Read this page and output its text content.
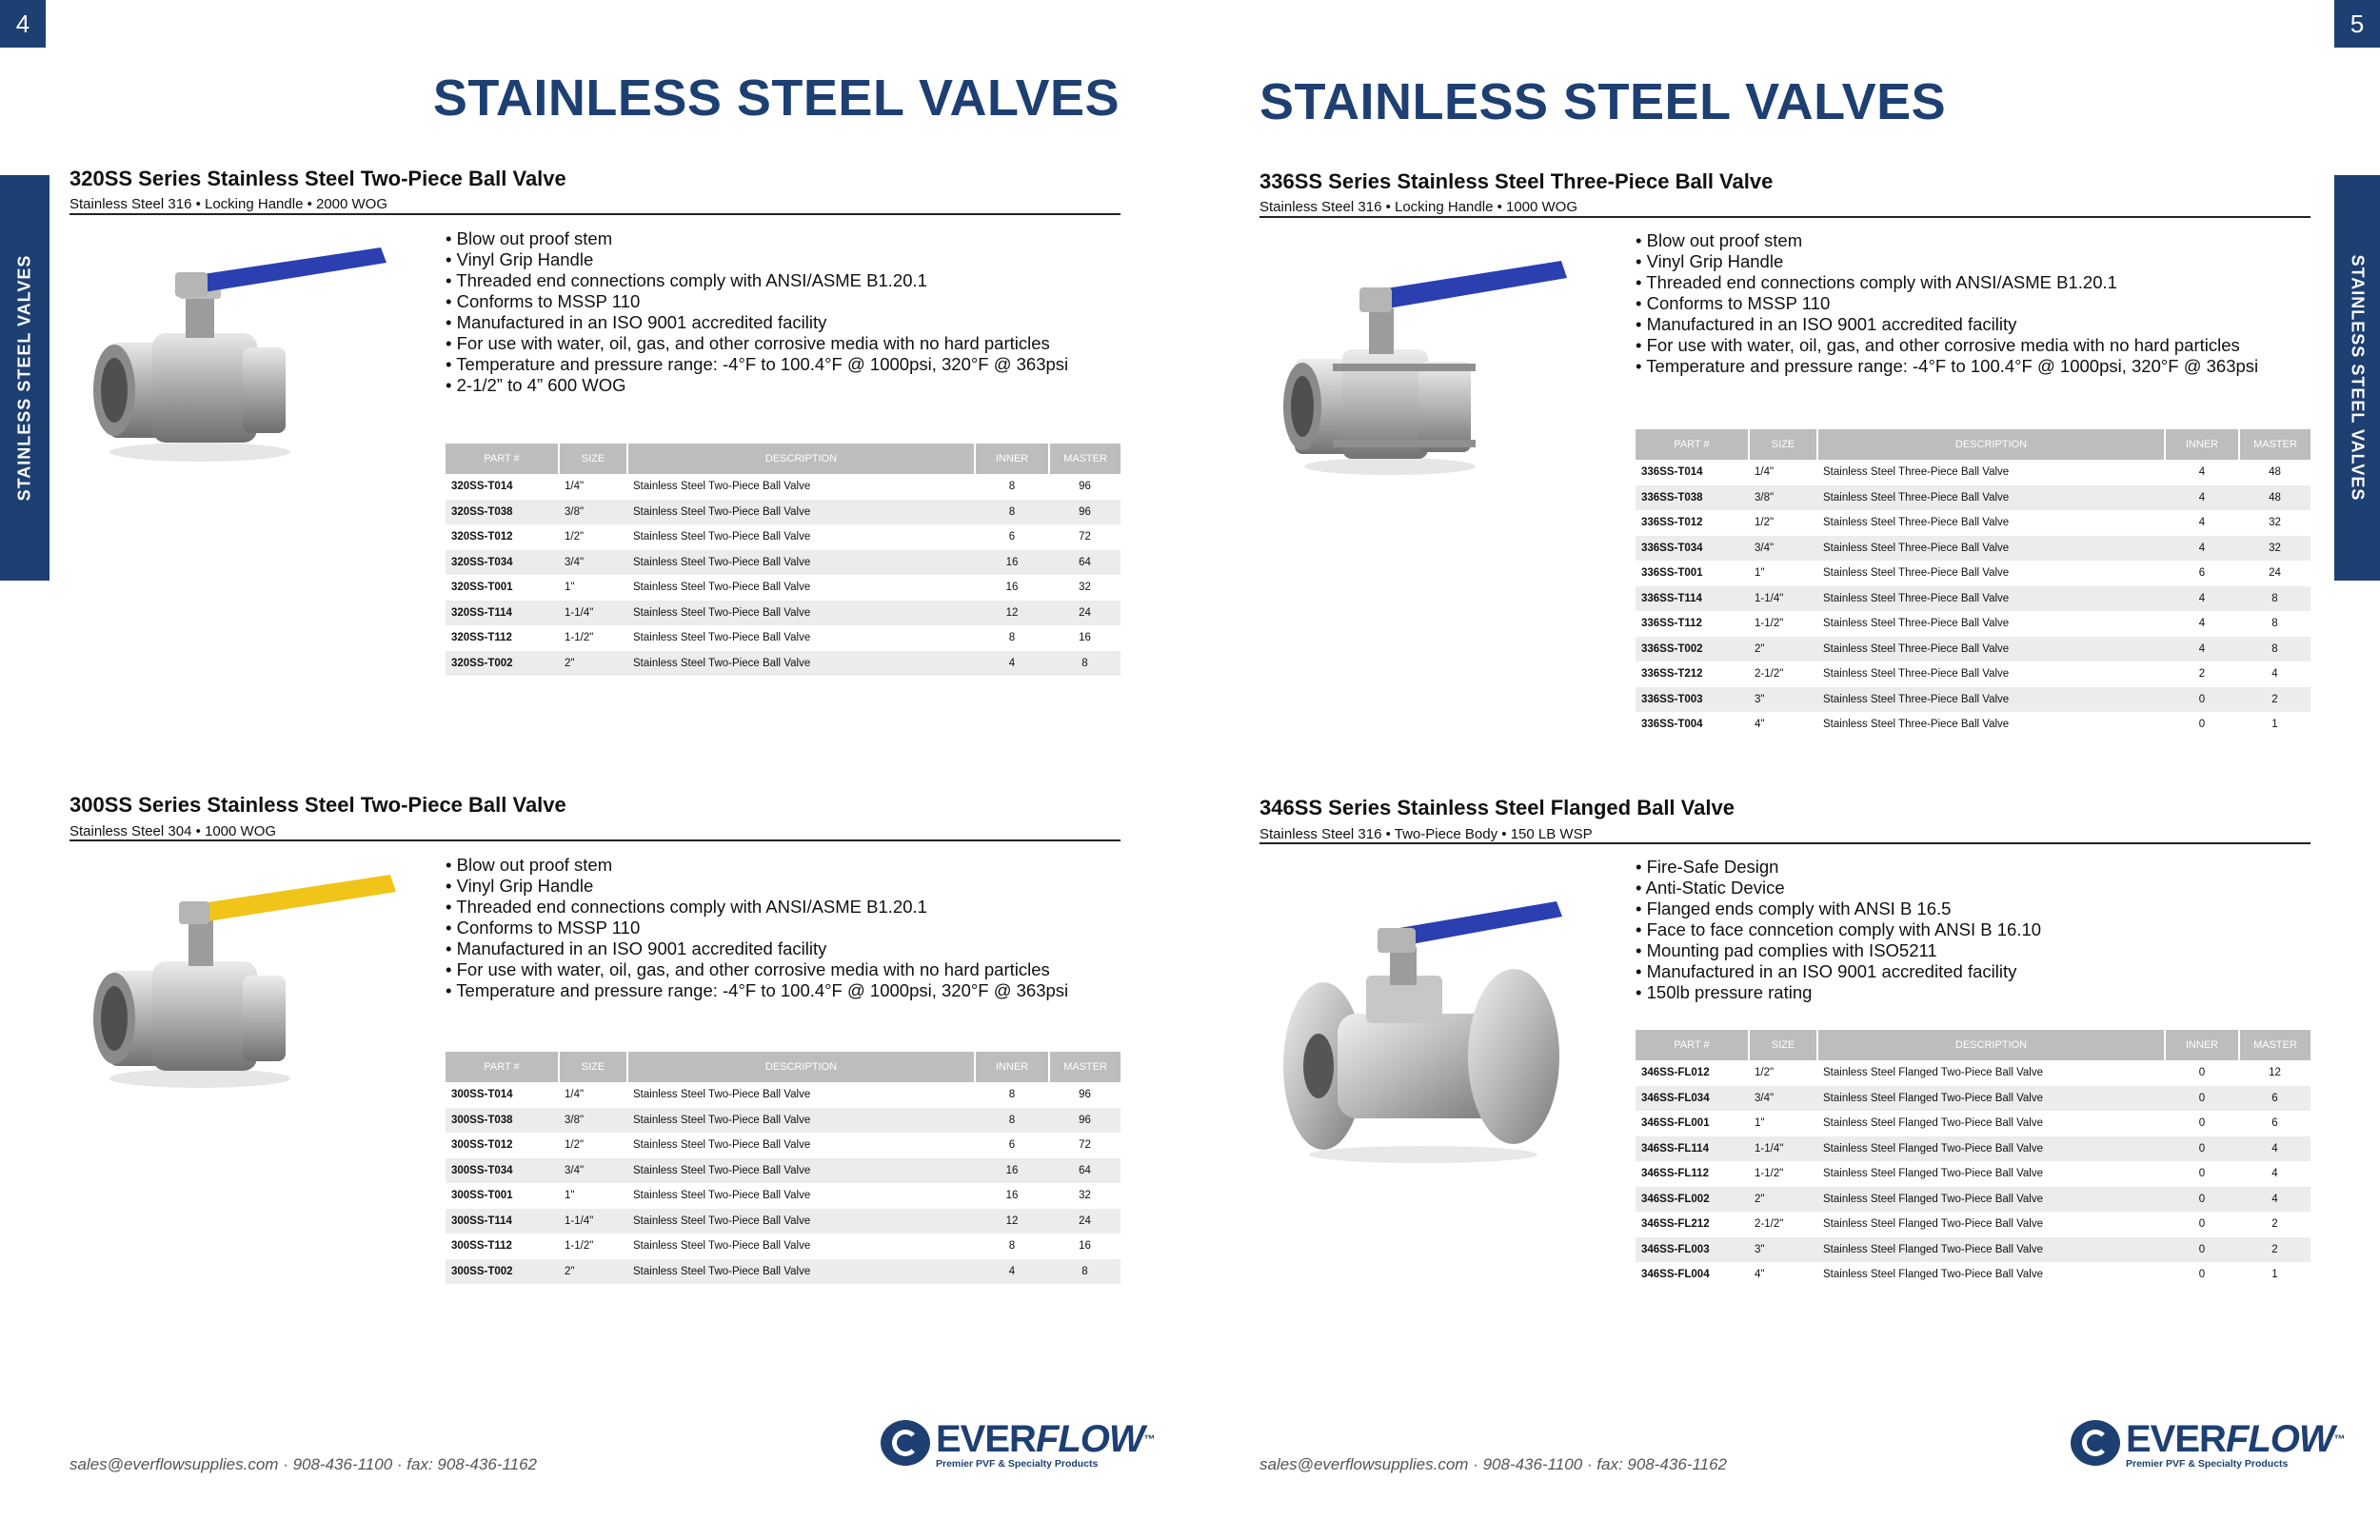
4
STAINLESS STEEL VALVES
STAINLESS STEEL VALVES
320SS Series Stainless Steel Two-Piece Ball Valve
Stainless Steel 316 • Locking Handle • 2000 WOG
• Blow out proof stem
• Vinyl Grip Handle
• Threaded end connections comply with ANSI/ASME B1.20.1
• Conforms to MSSP 110
• Manufactured in an ISO 9001 accredited facility
• For use with water, oil, gas, and other corrosive media with no hard particles
• Temperature and pressure range: -4°F to 100.4°F @ 1000psi, 320°F @ 363psi
• 2-1/2” to 4” 600 WOG
PART #	SIZE	DESCRIPTION	INNER	MASTER
320SS-T014	1/4"	Stainless Steel Two-Piece Ball Valve	8	96
320SS-T038	3/8"	Stainless Steel Two-Piece Ball Valve	8	96
320SS-T012	1/2"	Stainless Steel Two-Piece Ball Valve	6	72
320SS-T034	3/4"	Stainless Steel Two-Piece Ball Valve	16	64
320SS-T001	1"	Stainless Steel Two-Piece Ball Valve	16	32
320SS-T114	1-1/4"	Stainless Steel Two-Piece Ball Valve	12	24
320SS-T112	1-1/2"	Stainless Steel Two-Piece Ball Valve	8	16
320SS-T002	2"	Stainless Steel Two-Piece Ball Valve	4	8
300SS Series Stainless Steel Two-Piece Ball Valve
Stainless Steel 304 • 1000 WOG
• Blow out proof stem
• Vinyl Grip Handle
• Threaded end connections comply with ANSI/ASME B1.20.1
• Conforms to MSSP 110
• Manufactured in an ISO 9001 accredited facility
• For use with water, oil, gas, and other corrosive media with no hard particles
• Temperature and pressure range: -4°F to 100.4°F @ 1000psi, 320°F @ 363psi
PART #	SIZE	DESCRIPTION	INNER	MASTER
300SS-T014	1/4"	Stainless Steel Two-Piece Ball Valve	8	96
300SS-T038	3/8"	Stainless Steel Two-Piece Ball Valve	8	96
300SS-T012	1/2"	Stainless Steel Two-Piece Ball Valve	6	72
300SS-T034	3/4"	Stainless Steel Two-Piece Ball Valve	16	64
300SS-T001	1"	Stainless Steel Two-Piece Ball Valve	16	32
300SS-T114	1-1/4"	Stainless Steel Two-Piece Ball Valve	12	24
300SS-T112	1-1/2"	Stainless Steel Two-Piece Ball Valve	8	16
300SS-T002	2"	Stainless Steel Two-Piece Ball Valve	4	8
sales@everflowsupplies.com · 908-436-1100 · fax: 908-436-1162
EVERFLOW™
Premier PVF & Specialty Products
5
STAINLESS STEEL VALVES
STAINLESS STEEL VALVES
336SS Series Stainless Steel Three-Piece Ball Valve
Stainless Steel 316 • Locking Handle • 1000 WOG
• Blow out proof stem
• Vinyl Grip Handle
• Threaded end connections comply with ANSI/ASME B1.20.1
• Conforms to MSSP 110
• Manufactured in an ISO 9001 accredited facility
• For use with water, oil, gas, and other corrosive media with no hard particles
• Temperature and pressure range: -4°F to 100.4°F @ 1000psi, 320°F @ 363psi
PART #	SIZE	DESCRIPTION	INNER	MASTER
336SS-T014	1/4"	Stainless Steel Three-Piece Ball Valve	4	48
336SS-T038	3/8"	Stainless Steel Three-Piece Ball Valve	4	48
336SS-T012	1/2"	Stainless Steel Three-Piece Ball Valve	4	32
336SS-T034	3/4"	Stainless Steel Three-Piece Ball Valve	4	32
336SS-T001	1"	Stainless Steel Three-Piece Ball Valve	6	24
336SS-T114	1-1/4"	Stainless Steel Three-Piece Ball Valve	4	8
336SS-T112	1-1/2"	Stainless Steel Three-Piece Ball Valve	4	8
336SS-T002	2"	Stainless Steel Three-Piece Ball Valve	4	8
336SS-T212	2-1/2"	Stainless Steel Three-Piece Ball Valve	2	4
336SS-T003	3"	Stainless Steel Three-Piece Ball Valve	0	2
336SS-T004	4"	Stainless Steel Three-Piece Ball Valve	0	1
346SS Series Stainless Steel Flanged Ball Valve
Stainless Steel 316 • Two-Piece Body • 150 LB WSP
• Fire-Safe Design
• Anti-Static Device
• Flanged ends comply with ANSI B 16.5
• Face to face conncetion comply with ANSI B 16.10
• Mounting pad complies with ISO5211
• Manufactured in an ISO 9001 accredited facility
• 150lb pressure rating
PART #	SIZE	DESCRIPTION	INNER	MASTER
346SS-FL012	1/2"	Stainless Steel Flanged Two-Piece Ball Valve	0	12
346SS-FL034	3/4"	Stainless Steel Flanged Two-Piece Ball Valve	0	6
346SS-FL001	1"	Stainless Steel Flanged Two-Piece Ball Valve	0	6
346SS-FL114	1-1/4"	Stainless Steel Flanged Two-Piece Ball Valve	0	4
346SS-FL112	1-1/2"	Stainless Steel Flanged Two-Piece Ball Valve	0	4
346SS-FL002	2"	Stainless Steel Flanged Two-Piece Ball Valve	0	4
346SS-FL212	2-1/2"	Stainless Steel Flanged Two-Piece Ball Valve	0	2
346SS-FL003	3"	Stainless Steel Flanged Two-Piece Ball Valve	0	2
346SS-FL004	4"	Stainless Steel Flanged Two-Piece Ball Valve	0	1
sales@everflowsupplies.com · 908-436-1100 · fax: 908-436-1162
EVERFLOW™
Premier PVF & Specialty Products
